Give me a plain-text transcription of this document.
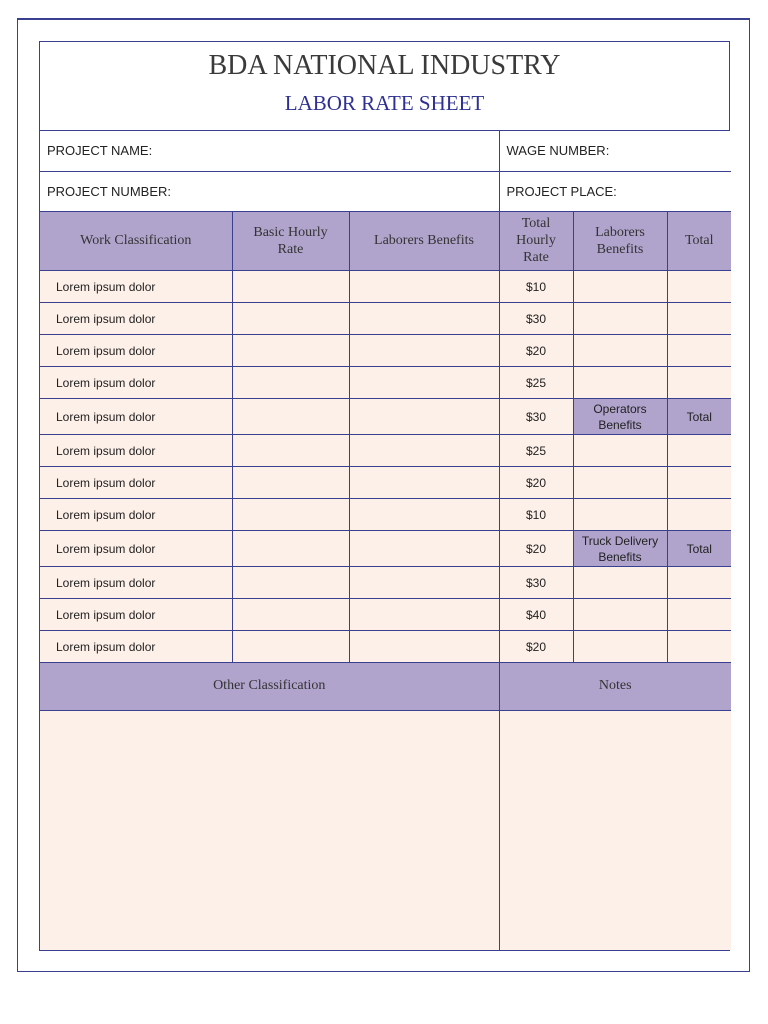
BDA NATIONAL INDUSTRY
LABOR RATE SHEET
PROJECT NAME:	WAGE NUMBER:
PROJECT NUMBER:	PROJECT PLACE:
Work Classification	Basic Hourly Rate	Laborers Benefits	Total Hourly Rate	Laborers Benefits	Total
Lorem ipsum dolor			$10		
Lorem ipsum dolor			$30		
Lorem ipsum dolor			$20		
Lorem ipsum dolor			$25		
Lorem ipsum dolor			$30	Operators Benefits	Total
Lorem ipsum dolor			$25		
Lorem ipsum dolor			$20		
Lorem ipsum dolor			$10		
Lorem ipsum dolor			$20	Truck Delivery Benefits	Total
Lorem ipsum dolor			$30		
Lorem ipsum dolor			$40		
Lorem ipsum dolor			$20		
Other Classification	Notes
